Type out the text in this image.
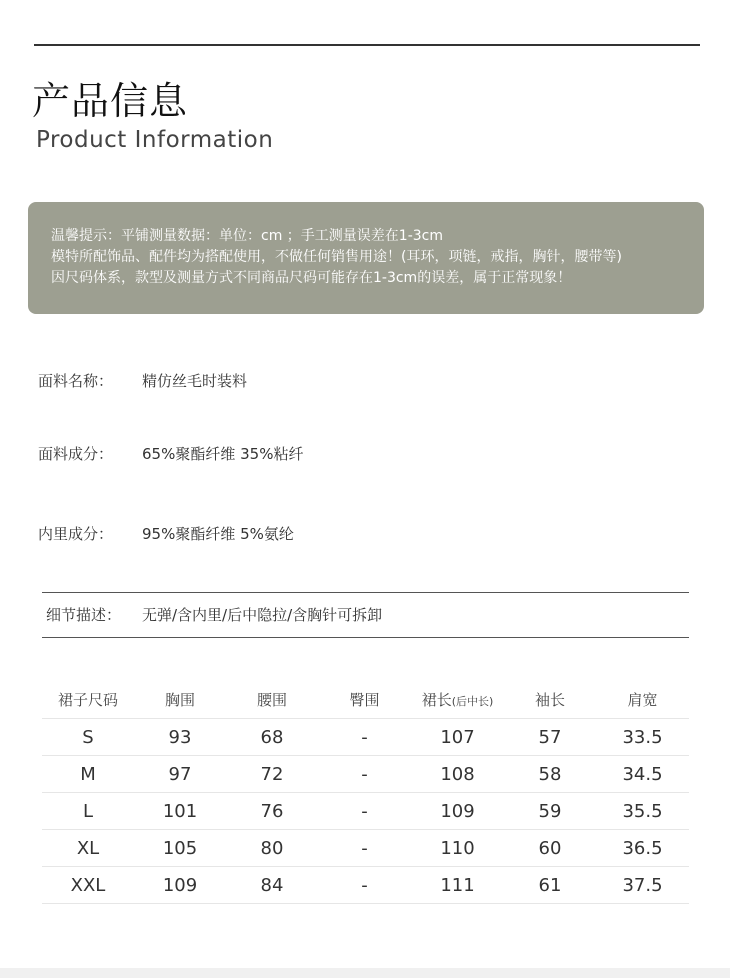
产品信息
Product Information
温馨提示：平铺测量数据：单位：cm ；手工测量误差在1-3cm
模特所配饰品、配件均为搭配使用，不做任何销售用途！(耳环，项链，戒指，胸针，腰带等)
因尺码体系，款型及测量方式不同商品尺码可能存在1-3cm的误差，属于正常现象！
面料名称： 精仿丝毛时装料
面料成分： 65%聚酯纤维 35%粘纤
内里成分： 95%聚酯纤维 5%氨纶
细节描述： 无弹/含内里/后中隐拉/含胸针可拆卸
裙子尺码	胸围	腰围	臀围	裙长(后中长)	袖长	肩宽
S	93	68	-	107	57	33.5
M	97	72	-	108	58	34.5
L	101	76	-	109	59	35.5
XL	105	80	-	110	60	36.5
XXL	109	84	-	111	61	37.5
